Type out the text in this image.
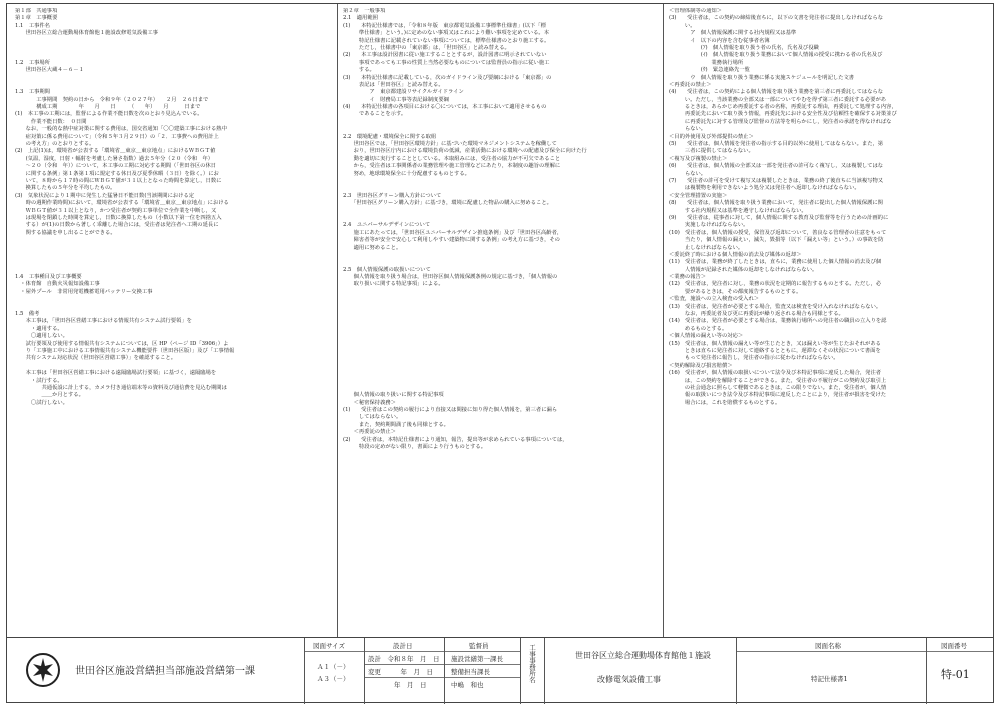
第１部　共通事項
第１章　工事概要
1.1　工事件名
　　世田谷区立総合運動場体育館他１施設改修電気設備工事
1.2　工事場所
　　世田谷区大蔵４－６－１
1.3　工事期間
　　　　工事期間　契約の日から　令和９年（２０２７年）　　２月　２６日まで
　　　　構成工期　　　　年　　月　　日　　　（　　年）　　月　　　日まで
(1)　本工事の工期には，監督による作業不能日数を次のとおり見込んでいる。
　　　作業不能日数：　０日間
　　なお，一般的な熱中症対策に関する費用は，国交省通知「〇〇建築工事における熱中
　　症対策に係る費用について」（令和５年３月２９日）の「２．工事費への費用計上
　　の考え方」のとおりとする。
(2)　上記(1)は，環境省が公表する「環境省＿東京＿東京地点」におけるＷＢＧＴ値
　　(気温，湿度，日射・輻射を考慮した暑さ指数）過去５年分（２０（令和　年）
　　～２０（令和　年））について，本工事の工期に対応する期間（「世田谷区の休日
　　に関する条例」第１条第１項に規定する休日及び夏季休暇（３日）を除く。）にお
　　いて，８時から１７時の間にＷＢＧＴ値が３１以上となった時間を算定し，日数に
　　換算したもの５年分を平均したもの。
(3)　気象状況により１期中に発生した猛暑日不能日数(当該期間における定
　　時の週期作業時間)において，環境省が公表する「環境省＿東京＿東京地点」における
　　ＷＢＧＴ値が３１以上となり，かつ受注者が契約工事単位で全作業を中断し，又
　　は現場を閉鎖した時間を算定し，日数に換算したもの（小数以下第一位を四捨五入
　　する）が(1)の日数から著しく乖離した場合には，受注者は発注者へ工期の延長に
　　関する協議を申し出ることができる。
1.4　工事種目及び工事概要
　・体育館　自動火災報知設備工事
　・屋外プール　非常用発電機蓄電用バッテリー交換工事
1.5　備考
　　本工事は，「世田谷区営繕工事における情報共有システム試行要領」を
　　　・適用する。
　　　〇適用しない。
　　試行要領及び使用する情報共有システムについては，区 HP（ページ ID「3906」）よ
　　り「工事施工中における工事情報共有システム機能要件（世田谷区版）」及び「工事情報
　　共有システム対応状況（世田谷区営繕工事）」を確認すること。
　　本工事は「世田谷区営繕工事における遠隔臨場試行要領」に基づく，遠隔臨場を
　　　・試行する。
　　　　　共通仮設に計上する，カメラ付き通信端末等の資料及び通信費を見込む期間は
　　　　　＿＿か月とする。
　　　〇試行しない。
第２章　一般事項
2.1　適用範囲
(1)　　本特記仕様書では，「令和８年版　東京都電気設備工事標準仕様書」(以下「標
　　　準仕様書」という。)に定めのない事項又はこれにより難い事項を定めている。本
　　　特記仕様書に記載されていない事項については，標準仕様書のとおり施工する。
　　　ただし，仕様書中の「東京都」は，「世田谷区」と読み替える。
(2)　　本工事は設計図書に従い施工することとするが，設計図書に明示されていない
　　　事項であっても工事の性質上当然必要なものについては監督員の指示に従い施工
　　　する。
(3)　　本特記仕様書に記載している，次のガイドライン及び要綱における「東京都」の
　　　表記は「世田谷区」と読み替える。
　　　　　ア　東京都建設リサイクルガイドライン
　　　　　イ　財務局工事等表記録制度要綱
(4)　　本特記仕様書の各項目における〇については，本工事において適用させるもの
　　　であることを示す。
2.2　環境配慮・環境保全に関する取組
　　世田谷区では，「世田谷区環境方針」に基づいた環境マネジメントシステムを稼働して
　　おり，世田谷区庁内における環境負荷の低減，産業活動における環境への配慮及び保全に向けた行
　　動を適切に実行することとしている。本取組みには，受注者の協力が不可欠であること
　　から，受注者は工事関係者の業務管理や施工管理などにあたり，本制度の趣旨の理解に
　　努め，地球環境保全に十分配慮するものとする。
2.3　世田谷区グリーン購入方針について
　　「世田谷区グリーン購入方針」に基づき，環境に配慮した物品の購入に努めること。
2.4　ユニバーサルデザインについて
　　施工にあたっては，「世田谷区ユニバーサルデザイン推進条例」及び「世田谷区高齢者，
　　障害者等が安全で安心して利用しやすい建築物に関する条例」の考え方に基づき，その
　　適用に努めること。
2.5　個人情報保護の取扱いについて
　　個人情報を取り扱う場合は，世田谷区個人情報保護条例の規定に基づき，「個人情報の
　　取り扱いに関する特記事項」による。
　　個人情報の取り扱いに関する特記事項
　　＜秘密保持義務＞
(1)　　受注者はこの契約の履行により直接又は間接に知り得た個人情報を，第三者に漏ら
　　　してはならない。
　　　また，契約期間満了後も同様とする。
　　＜再委託の禁止＞
(2)　　受注者は，本特記仕様書により通知，報告，提出等が求められている事項については，
　　　特段の定めがない限り，書面により行うものとする。
＜管理体制等の通知＞
(3)　　受注者は，この契約の締結後直ちに，以下の文書を発注者に提出しなければならな
　　　い。
　　　　ア　個人情報保護に関する社内規程又は基準
　　　　イ　以下の内容を含む従事者名簿
　　　　　　(ｱ)　個人情報を取り扱う者の氏名，氏名及び役職
　　　　　　(ｲ)　個人情報を取り扱う業務において個人情報の授受に携わる者の氏名及び
　　　　　　　　業務執行場所
　　　　　　(ｳ)　緊急連絡先一覧
　　　　ウ　個人情報を取り扱う業務に係る実施スケジュールを明記した文書
＜再委託の禁止＞
(4)　　受注者は，この契約による個人情報を取り扱う業務を第三者に再委託してはならな
　　　い。ただし，当該業務の全部又は一部についてやむを得ず第三者に委託する必要があ
　　　るときは，あらかじめ再委託する者の名称，再委託する理由，再委託して処理する内容，
　　　再委託先において取り扱う情報，再委託先における安全性及び信頼性を確保する対策並び
　　　に再委託先に対する管理及び監督の方法等を明らかにし，発注者の承諾を得なければな
　　　らない。
＜目的外使用及び外部提供の禁止＞
(5)　　受注者は，個人情報を発注者の指示する目的以外に使用してはならない。また，第
　　　三者に提供してはならない。
＜複写及び複製の禁止＞
(6)　　受注者は，個人情報の全部又は一部を発注者の許可なく複写し，又は複製してはな
　　　らない。
(7)　　受注者の許可を受けて複写又は複製したときは，業務の終了後直ちに当該複写物又
　　　は複製物を利用できないよう処分又は発注者へ返却しなければならない。
＜安全管理措置の実施＞
(8)　　受注者は，個人情報を取り扱う業務において，発注者に提出した個人情報保護に関
　　　する社内規程又は基準を遵守しなければならない。
(9)　　受注者は，従事者に対して，個人情報に関する教育及び監督等を行うための計画的に
　　　実施しなければならない。
(10)　受注者は，個人情報の授受，保管及び返却について，善良なる管理者の注意をもって
　　　当たり，個人情報の漏えい，滅失，毀損等（以下「漏えい等」という。）の事故を防
　　　止しなければならない。
＜委託終了時における個人情報の消去及び媒体の返却＞
(11)　受注者は，業務が終了したときは，直ちに，業務に使用した個人情報の消去及び個
　　　人情報が記録された媒体の返却をしなければならない。
＜業務の報告＞
(12)　受注者は，発注者に対し，業務の状況を定期的に報告するものとする。ただし，必
　　　要があるときは，その都度報告するものとする。
＜監査，施設への立入検査の受入れ＞
(13)　受注者は，発注者が必要とする場合，監査又は検査を受け入れなければならない。
　　　なお，再委託者及び更に再委託が繰り返される場合も同様とする。
(14)　受注者は，発注者が必要とする場合は，業務執行場所への発注者の職員の立入りを認
　　　めるものとする。
＜個人情報の漏えい等の対応＞
(15)　受注者は，個人情報の漏えい等が生じたとき，又は漏えい等が生じたおそれがある
　　　ときは直ちに発注者に対して連絡するとともに，遅滞なくその状況について書面を
　　　もって発注者に報告し，発注者の指示に従わなければならない。
＜契約解除及び損害賠償＞
(16)　受注者が，個人情報の取扱いについて法令及び本特記事項に違反した場合，発注者
　　　は，この契約を解除することができる。また，受注者の不履行がこの契約及び取引上
　　　の社会通念に照らして軽微であるときは，この限りでない。また，受注者が，個人情
　　　報の取扱いにつき法令及び本特記事項に違反したことにより，発注者が損害を受けた
　　　場合には，これを賠償するものとする。
世田谷区施設営繕担当部施設営繕第一課
図面サイズ
Ａ１（－）
Ａ３（－）
設計日
設計　令和８年　月　日
変更　　　年　月　日
　　　　年　月　日
監督員
施設営繕第一課長
整備担当課長
中嶋　和也
工事事務所名	世田谷区立総合運動場体育館他１施設
改修電気設備工事
図面名称
特記仕様書1
図面番号
特-01
